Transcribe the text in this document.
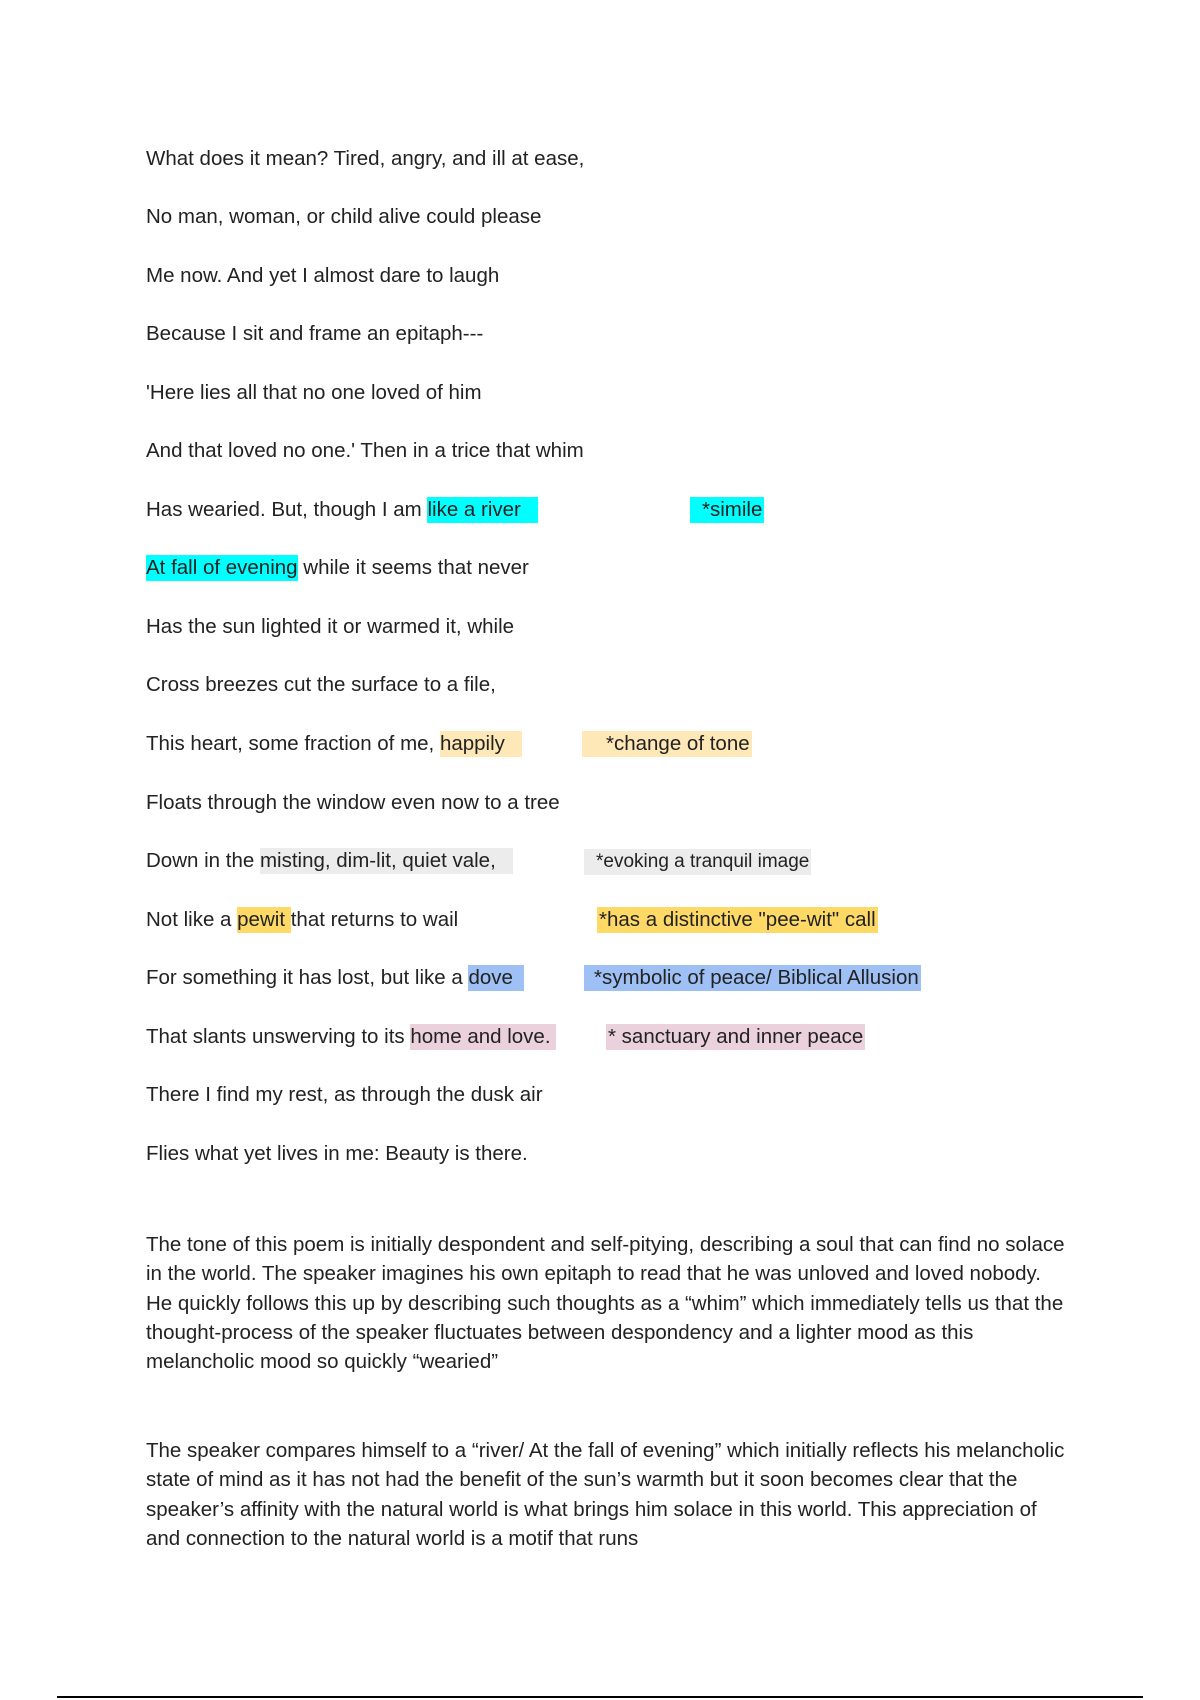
What does it mean? Tired, angry, and ill at ease,

No man, woman, or child alive could please

Me now. And yet I almost dare to laugh

Because I sit and frame an epitaph---

'Here lies all that no one loved of him

And that loved no one.' Then in a trice that whim

Has wearied. But, though I am like a river

At fall of evening while it seems that never

Has the sun lighted it or warmed it, while

Cross breezes cut the surface to a file,

This heart, some fraction of me, happily

Floats through the window even now to a tree

Down in the misting, dim-lit, quiet vale,

Not like a pewit that returns to wail

For something it has lost, but like a dove

That slants unswerving to its home and love.

There I find my rest, as through the dusk air

Flies what yet lives in me: Beauty is there.

*simile
*change of tone
*evoking a tranquil image
*has a distinctive "pee-wit" call
*symbolic of peace/ Biblical Allusion
* sanctuary and inner peace

The tone of this poem is initially despondent and self-pitying, describing a soul that can find no solace in the world. The speaker imagines his own epitaph to read that he was unloved and loved nobody. He quickly follows this up by describing such thoughts as a “whim” which immediately tells us that the thought-process of the speaker fluctuates between despondency and a lighter mood as this melancholic mood so quickly “wearied”

The speaker compares himself to a “river/ At the fall of evening” which initially reflects his melancholic state of mind as it has not had the benefit of the sun’s warmth but it soon becomes clear that the speaker’s affinity with the natural world is what brings him solace in this world. This appreciation of and connection to the natural world is a motif that runs
